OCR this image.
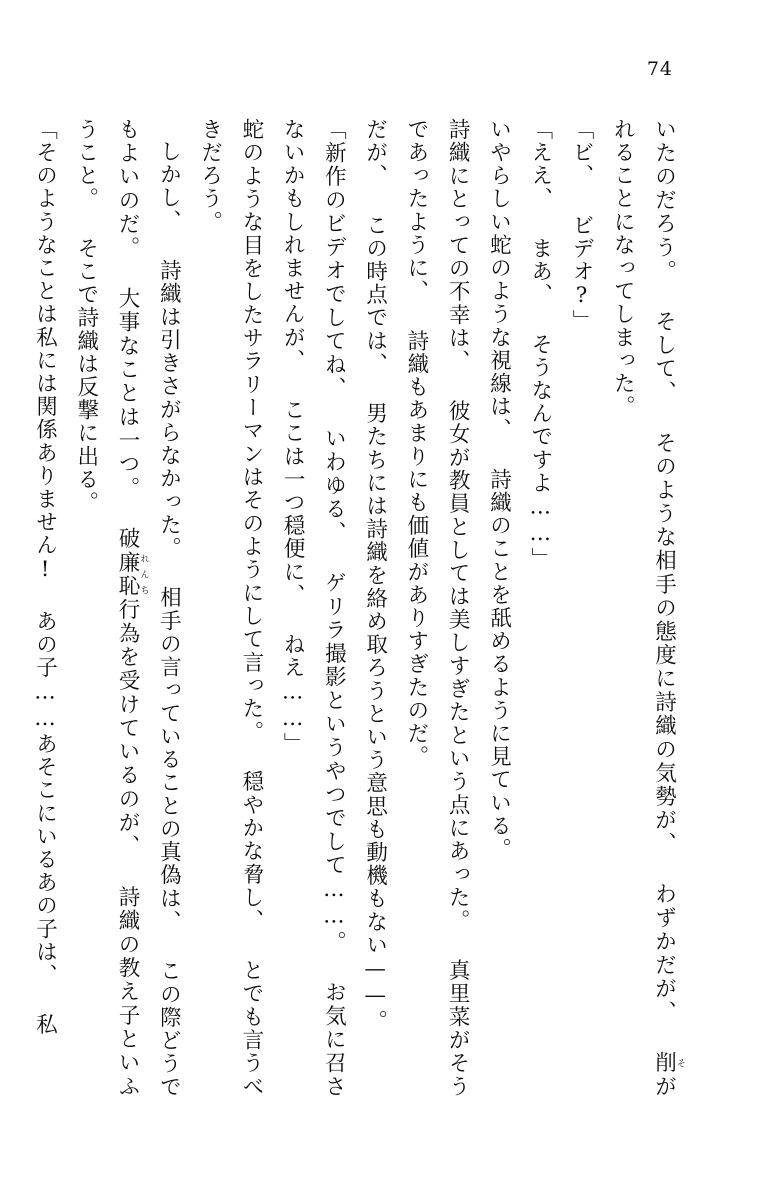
74

いたのだろう。 そして、 そのような相手の態度に詩織の気勢が、 わずかだが、 削そがれることになってしまった。

「ビ、 ビデオ?」

「ええ、 まあ、 そうなんですよ……」

いやらしい蛇のような視線は、 詩織のことを舐めるように見ている。

詩織にとっての不幸は、 彼女が教員としては美しすぎたという点にあった。 真里菜がそうであったように、 詩織もあまりにも価値がありすぎたのだ。

だが、 この時点では、 男たちには詩織を絡め取ろうという意思も動機もない——。

「新作のビデオでしてね、 いわゆる、 ゲリラ撮影というやつでして……。 お気に召さないかもしれませんが、 ここは一つ穏便に、 ねえ……」

蛇のような目をしたサラリーマンはそのようにして言った。 穏やかな脅し、 とでも言うべきだろう。

しかし、 詩織は引きさがらなかった。 相手の言っていることの真偽は、 この際どうでもよいのだ。 大事なことは一つ。 破廉恥れんち行為を受けているのが、 詩織の教え子といふうこと。 そこで詩織は反撃に出る。

「そのようなことは私には関係ありません! あの子……あそこにいるあの子は、 私
